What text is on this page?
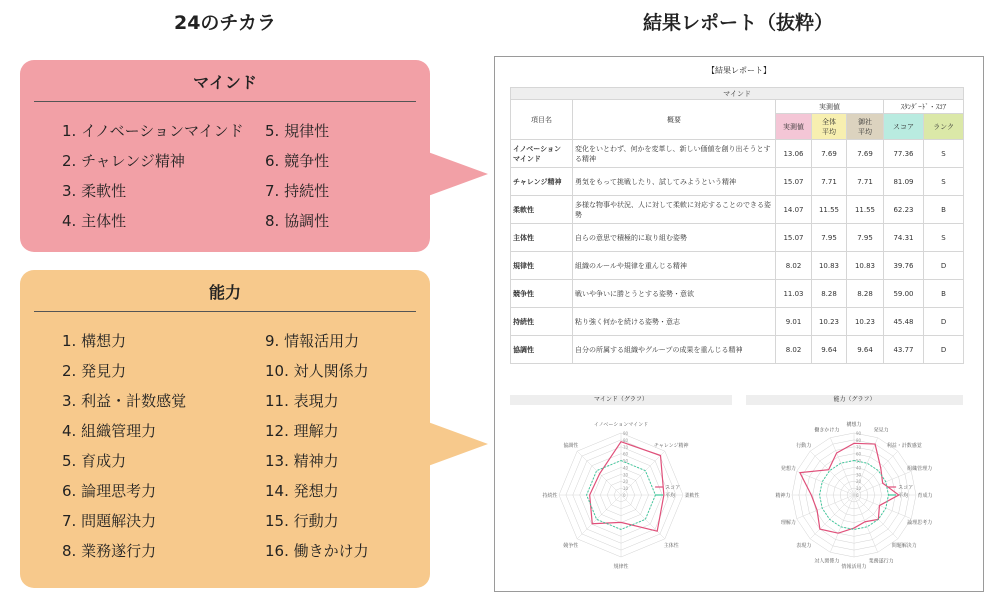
24のチカラ	結果レポート（抜粋）
マインド
1. イノベーションマインド
2. チャレンジ精神
3. 柔軟性
4. 主体性
5. 規律性
6. 競争性
7. 持続性
8. 協調性
能力
1. 構想力
2. 発見力
3. 利益・計数感覚
4. 組織管理力
5. 育成力
6. 論理思考力
7. 問題解決力
8. 業務遂行力
9. 情報活用力
10. 対人関係力
11. 表現力
12. 理解力
13. 精神力
14. 発想力
15. 行動力
16. 働きかけ力
【結果レポート】
マインド						
項目名	概要	実測値			ｽﾀﾝﾀﾞｰﾄﾞ・ｽｺｱ	
		実測値	全体
平均	御社
平均	スコア	ランク
イノベーション
マインド	変化をいとわず、何かを変革し、新しい価値を創り出そうとする精神	13.06	7.69	7.69	77.36	S
チャレンジ精神	勇気をもって挑戦したり、試してみようという精神	15.07	7.71	7.71	81.09	S
柔軟性	多様な物事や状況、人に対して柔軟に対応することのできる姿勢	14.07	11.55	11.55	62.23	B
主体性	自らの意思で積極的に取り組む姿勢	15.07	7.95	7.95	74.31	S
規律性	組織のルールや規律を重んじる精神	8.02	10.83	10.83	39.76	D
競争性	戦いや争いに勝とうとする姿勢・意欲	11.03	8.28	8.28	59.00	B
持続性	粘り強く何かを続ける姿勢・意志	9.01	10.23	10.23	45.48	D
協調性	自分の所属する組織やグループの成果を重んじる精神	8.02	9.64	9.64	43.77	D
マインド（グラフ）
0
10
20
30
40
50
60
70
80
90
イノベーションマインド
チャレンジ精神
柔軟性
主体性
規律性
競争性
持続性
協調性
スコア
平均
能力（グラフ）
0
10
20
30
40
50
60
70
80
90
構想力
発見力
利益・計数感覚
組織管理力
育成力
論理思考力
問題解決力
業務遂行力
情報活用力
対人関係力
表現力
理解力
精神力
発想力
行動力
働きかけ力
スコア
平均
